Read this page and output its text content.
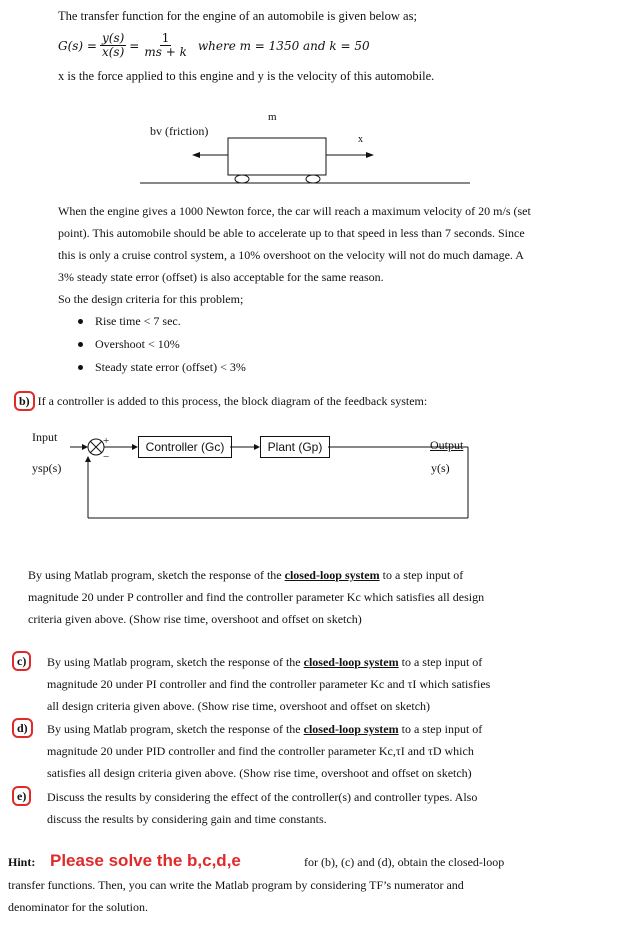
The transfer function for the engine of an automobile is given below as;
$G(s) = \frac{y(s)}{x(s)} = \frac{1}{ms + k}$ where m = 1350 and k = 50
x is the force applied to this engine and y is the velocity of this automobile.
m
bv (friction)
x
When the engine gives a 1000 Newton force, the car will reach a maximum velocity of 20 m/s (set
point). This automobile should be able to accelerate up to that speed in less than 7 seconds. Since
this is only a cruise control system, a 10% overshoot on the velocity will not do much damage. A
3% steady state error (offset) is also acceptable for the same reason.
So the design criteria for this problem;
Rise time < 7 sec.
Overshoot < 10%
Steady state error (offset) < 3%
b) If a controller is added to this process, the block diagram of the feedback system:
Controller (Gc)	Plant (Gp)
Input
ysp(s)
+
−
Output
y(s)
By using Matlab program, sketch the response of the closed-loop system to a step input of
magnitude 20 under P controller and find the controller parameter Kc which satisfies all design
criteria given above. (Show rise time, overshoot and offset on sketch)
c)	By using Matlab program, sketch the response of the closed-loop system to a step input of
magnitude 20 under PI controller and find the controller parameter Kc and τI which satisfies
all design criteria given above. (Show rise time, overshoot and offset on sketch)
d)	By using Matlab program, sketch the response of the closed-loop system to a step input of
magnitude 20 under PID controller and find the controller parameter Kc,τI and τD which
satisfies all design criteria given above. (Show rise time, overshoot and offset on sketch)
e)	Discuss the results by considering the effect of the controller(s) and controller types. Also
discuss the results by considering gain and time constants.
Hint: Please solve the b,c,d,e	for (b), (c) and (d), obtain the closed-loop
transfer functions. Then, you can write the Matlab program by considering TF’s numerator and
denominator for the solution.
